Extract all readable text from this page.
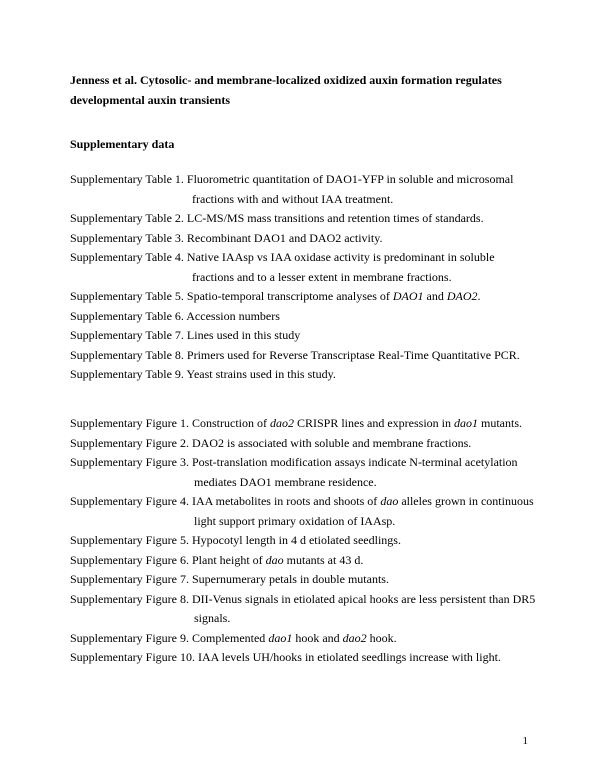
Jenness et al. Cytosolic- and membrane-localized oxidized auxin formation regulates developmental auxin transients
Supplementary data
Supplementary Table 1. Fluorometric quantitation of DAO1-YFP in soluble and microsomal
fractions with and without IAA treatment.
Supplementary Table 2. LC-MS/MS mass transitions and retention times of standards.
Supplementary Table 3. Recombinant DAO1 and DAO2 activity.
Supplementary Table 4. Native IAAsp vs IAA oxidase activity is predominant in soluble
fractions and to a lesser extent in membrane fractions.
Supplementary Table 5. Spatio-temporal transcriptome analyses of DAO1 and DAO2.
Supplementary Table 6. Accession numbers
Supplementary Table 7. Lines used in this study
Supplementary Table 8. Primers used for Reverse Transcriptase Real-Time Quantitative PCR.
Supplementary Table 9. Yeast strains used in this study.
Supplementary Figure 1. Construction of dao2 CRISPR lines and expression in dao1 mutants.
Supplementary Figure 2. DAO2 is associated with soluble and membrane fractions.
Supplementary Figure 3. Post-translation modification assays indicate N-terminal acetylation
mediates DAO1 membrane residence.
Supplementary Figure 4. IAA metabolites in roots and shoots of dao alleles grown in continuous
light support primary oxidation of IAAsp.
Supplementary Figure 5. Hypocotyl length in 4 d etiolated seedlings.
Supplementary Figure 6. Plant height of dao mutants at 43 d.
Supplementary Figure 7. Supernumerary petals in double mutants.
Supplementary Figure 8. DII-Venus signals in etiolated apical hooks are less persistent than DR5
signals.
Supplementary Figure 9. Complemented dao1 hook and dao2 hook.
Supplementary Figure 10. IAA levels UH/hooks in etiolated seedlings increase with light.
1
